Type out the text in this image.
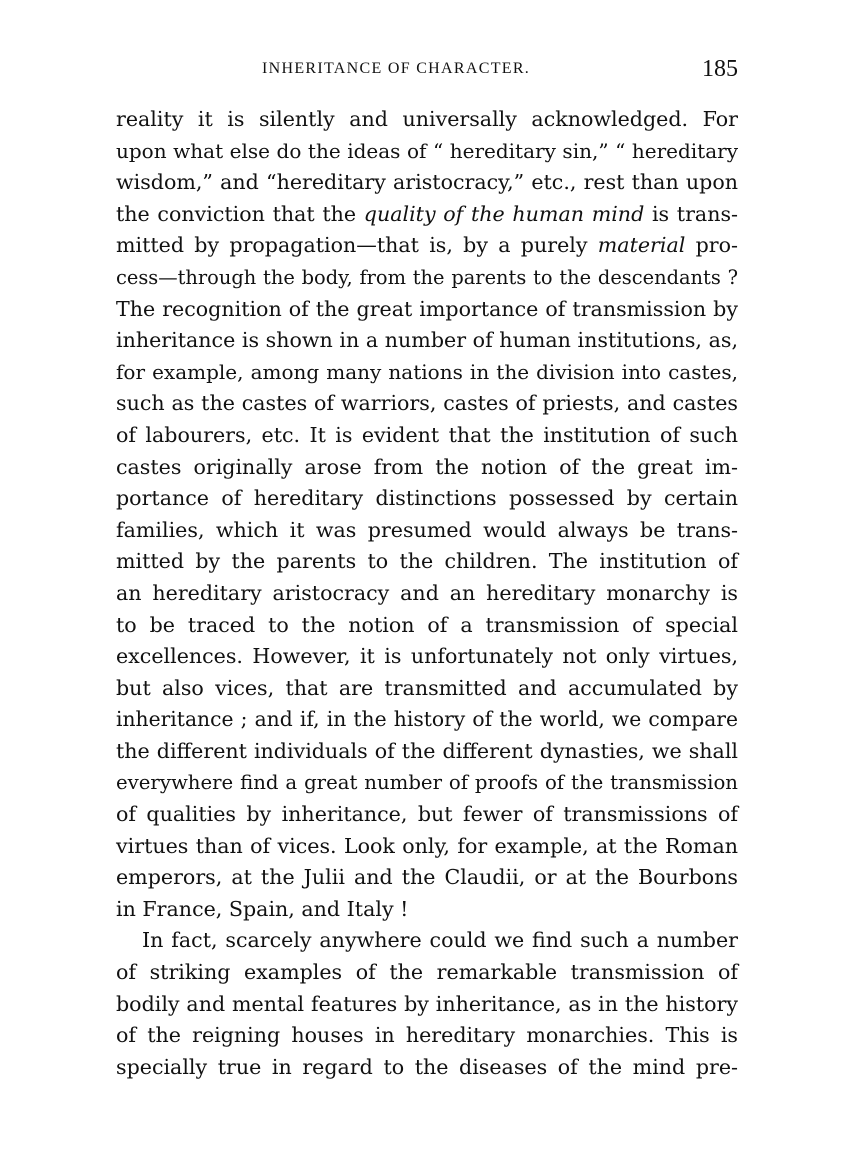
INHERITANCE OF CHARACTER.	185
reality it is silently and universally acknowledged. For
upon what else do the ideas of “ hereditary sin,” “ hereditary
wisdom,” and “hereditary aristocracy,” etc., rest than upon
the conviction that the quality of the human mind is trans-
mitted by propagation—that is, by a purely material pro-
cess—through the body, from the parents to the descendants ?
The recognition of the great importance of transmission by
inheritance is shown in a number of human institutions, as,
for example, among many nations in the division into castes,
such as the castes of warriors, castes of priests, and castes
of labourers, etc. It is evident that the institution of such
castes originally arose from the notion of the great im-
portance of hereditary distinctions possessed by certain
families, which it was presumed would always be trans-
mitted by the parents to the children. The institution of
an hereditary aristocracy and an hereditary monarchy is
to be traced to the notion of a transmission of special
excellences. However, it is unfortunately not only virtues,
but also vices, that are transmitted and accumulated by
inheritance ; and if, in the history of the world, we compare
the different individuals of the different dynasties, we shall
everywhere find a great number of proofs of the transmission
of qualities by inheritance, but fewer of transmissions of
virtues than of vices. Look only, for example, at the Roman
emperors, at the Julii and the Claudii, or at the Bourbons
in France, Spain, and Italy !
In fact, scarcely anywhere could we find such a number
of striking examples of the remarkable transmission of
bodily and mental features by inheritance, as in the history
of the reigning houses in hereditary monarchies. This is
specially true in regard to the diseases of the mind pre-
